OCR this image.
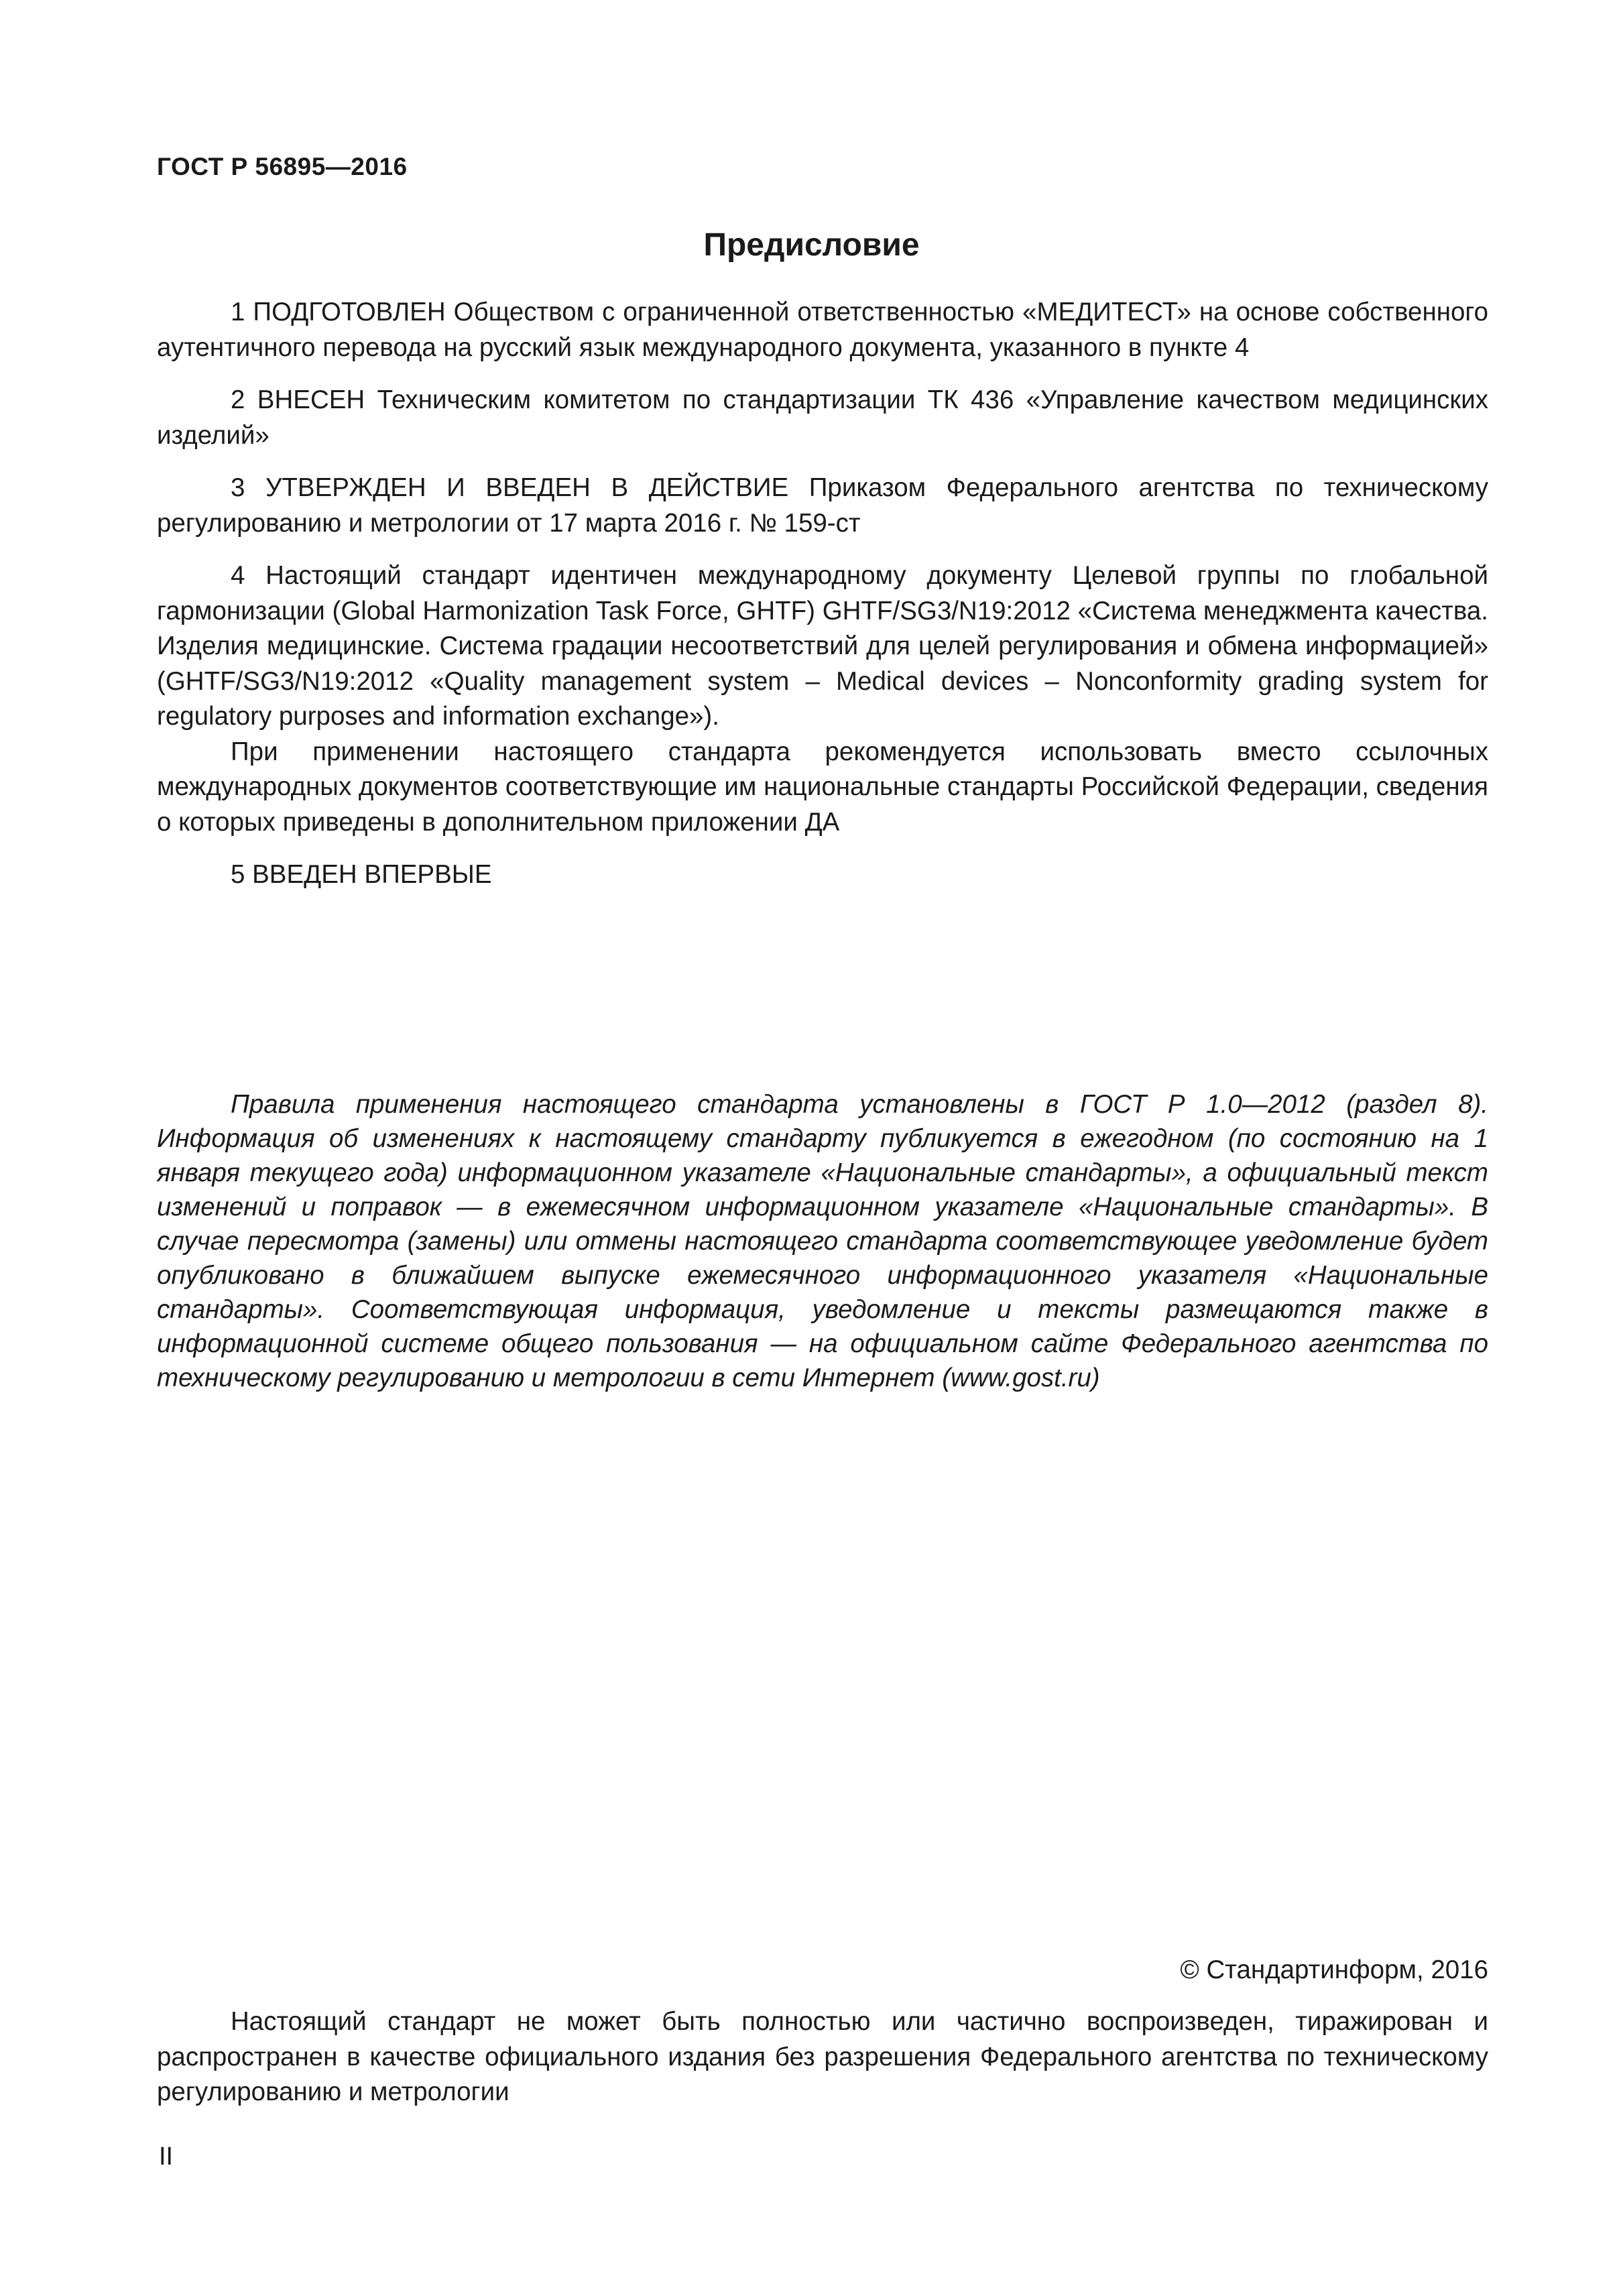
ГОСТ Р 56895—2016
Предисловие

1 ПОДГОТОВЛЕН Обществом с ограниченной ответственностью «МЕДИТЕСТ» на основе собственного аутентичного перевода на русский язык международного документа, указанного в пункте 4

2 ВНЕСЕН Техническим комитетом по стандартизации ТК 436 «Управление качеством медицинских изделий»

3 УТВЕРЖДЕН И ВВЕДЕН В ДЕЙСТВИЕ Приказом Федерального агентства по техническому регулированию и метрологии от 17 марта 2016 г. № 159-ст

4 Настоящий стандарт идентичен международному документу Целевой группы по глобальной гармонизации (Global Harmonization Task Force, GHTF) GHTF/SG3/N19:2012 «Система менеджмента качества. Изделия медицинские. Система градации несоответствий для целей регулирования и обмена информацией» (GHTF/SG3/N19:2012 «Quality management system – Medical devices – Nonconformity grading system for regulatory purposes and information exchange»).

При применении настоящего стандарта рекомендуется использовать вместо ссылочных международных документов соответствующие им национальные стандарты Российской Федерации, сведения о которых приведены в дополнительном приложении ДА

5 ВВЕДЕН ВПЕРВЫЕ

Правила применения настоящего стандарта установлены в ГОСТ Р 1.0—2012 (раздел 8). Информация об изменениях к настоящему стандарту публикуется в ежегодном (по состоянию на 1 января текущего года) информационном указателе «Национальные стандарты», а официальный текст изменений и поправок — в ежемесячном информационном указателе «Национальные стандарты». В случае пересмотра (замены) или отмены настоящего стандарта соответствующее уведомление будет опубликовано в ближайшем выпуске ежемесячного информационного указателя «Национальные стандарты». Соответствующая информация, уведомление и тексты размещаются также в информационной системе общего пользования — на официальном сайте Федерального агентства по техническому регулированию и метрологии в сети Интернет (www.gost.ru)

© Стандартинформ, 2016

Настоящий стандарт не может быть полностью или частично воспроизведен, тиражирован и распространен в качестве официального издания без разрешения Федерального агентства по техническому регулированию и метрологии

II
